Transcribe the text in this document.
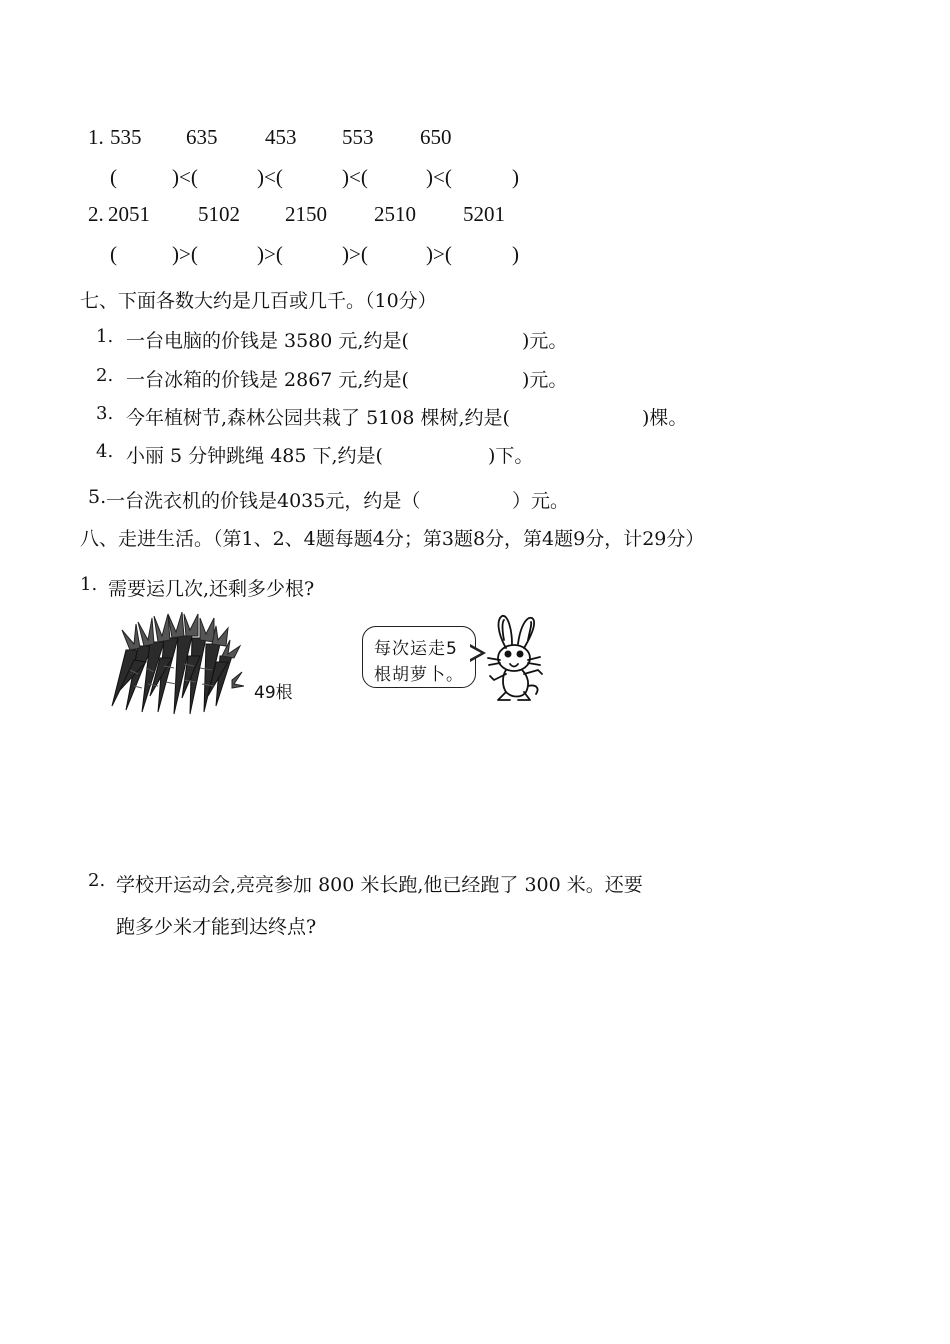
1. 535 635 453 553 650
(	)<(	)<(	)<(	)<(	)
2. 2051 5102 2150 2510 5201
(	)>(	)>(	)>(	)>(	)
七、下面各数大约是几百或几千。（10分）
1. 一台电脑的价钱是 3580 元,约是(	)元。
2. 一台冰箱的价钱是 2867 元,约是(	)元。
3. 今年植树节,森林公园共栽了 5108 棵树,约是(	)棵。
4. 小丽 5 分钟跳绳 485 下,约是(	)下。
5. 一台洗衣机的价钱是4035元，约是（	）元。
八、走进生活。（第1、2、4题每题4分；第3题8分，第4题9分，计29分）
1. 需要运几次,还剩多少根?
49根
每次运走5
根胡萝卜。
2. 学校开运动会,亮亮参加 800 米长跑,他已经跑了 300 米。还要
跑多少米才能到达终点?
